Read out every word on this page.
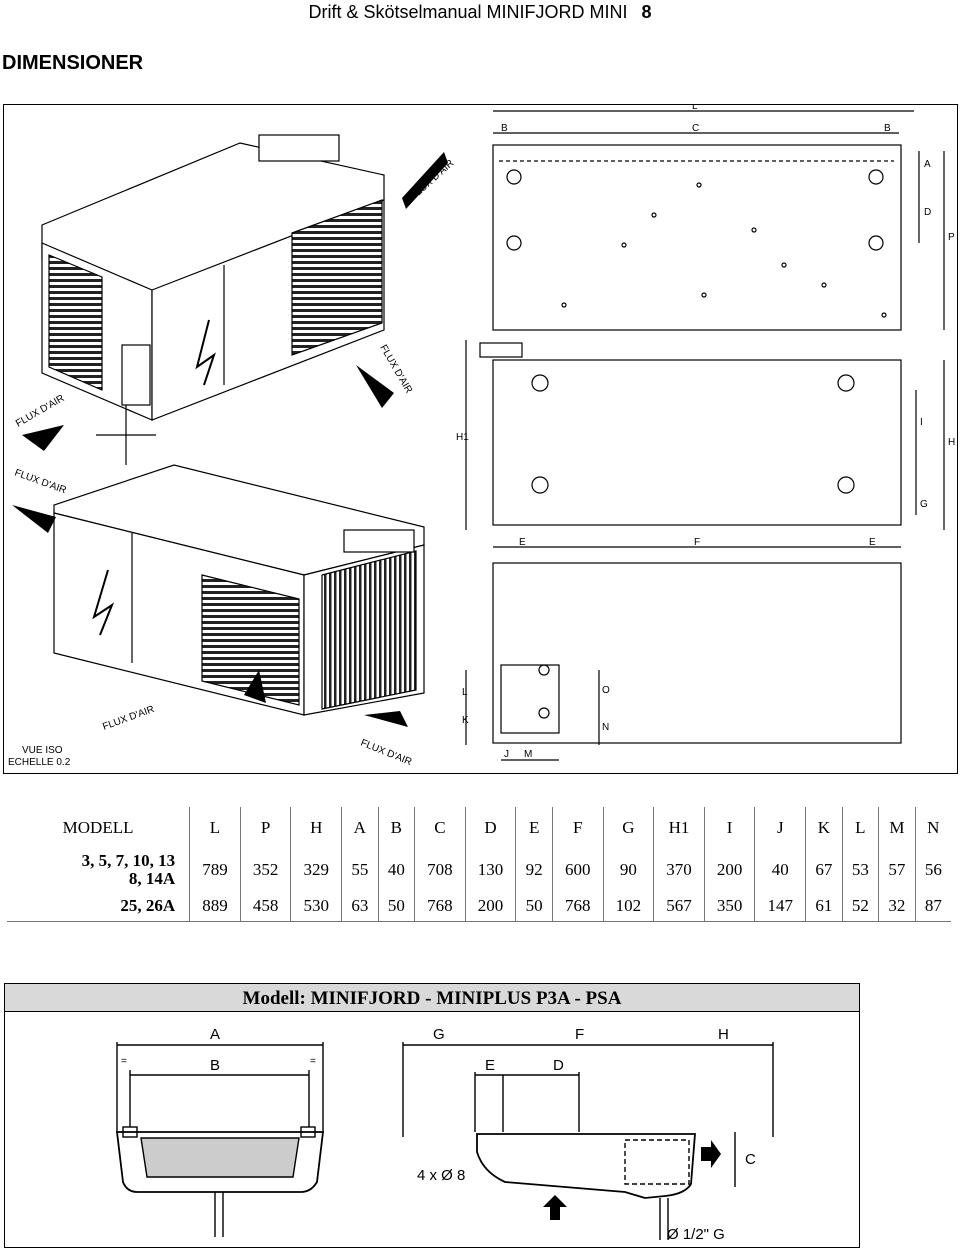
Drift & Skötselmanual MINIFJORD MINI 8
DIMENSIONER
FLUX D'AIR
FLUX D'AIR
FLUX D'AIR
FLUX D'AIR
FLUX D'AIR
FLUX D'AIR
VUE ISO
ECHELLE 0.2
L
B	C	B
A
D
P
H1
I
H
G
E	F	E
L
K
J M
N
O
MODELL	L	P	H	A	B	C	D	E	F	G	H1	I	J	K	L	M	N
3, 5, 7, 10, 13
8, 14A	789	352	329	55	40	708	130	92	600	90	370	200	40	67	53	57	56
25, 26A	889	458	530	63	50	768	200	50	768	102	567	350	147	61	52	32	87
Modell: MINIFJORD - MINIPLUS P3A - PSA
A
B
=	=
G	F	H
E	D
C
4 x Ø 8
Ø 1/2" G
